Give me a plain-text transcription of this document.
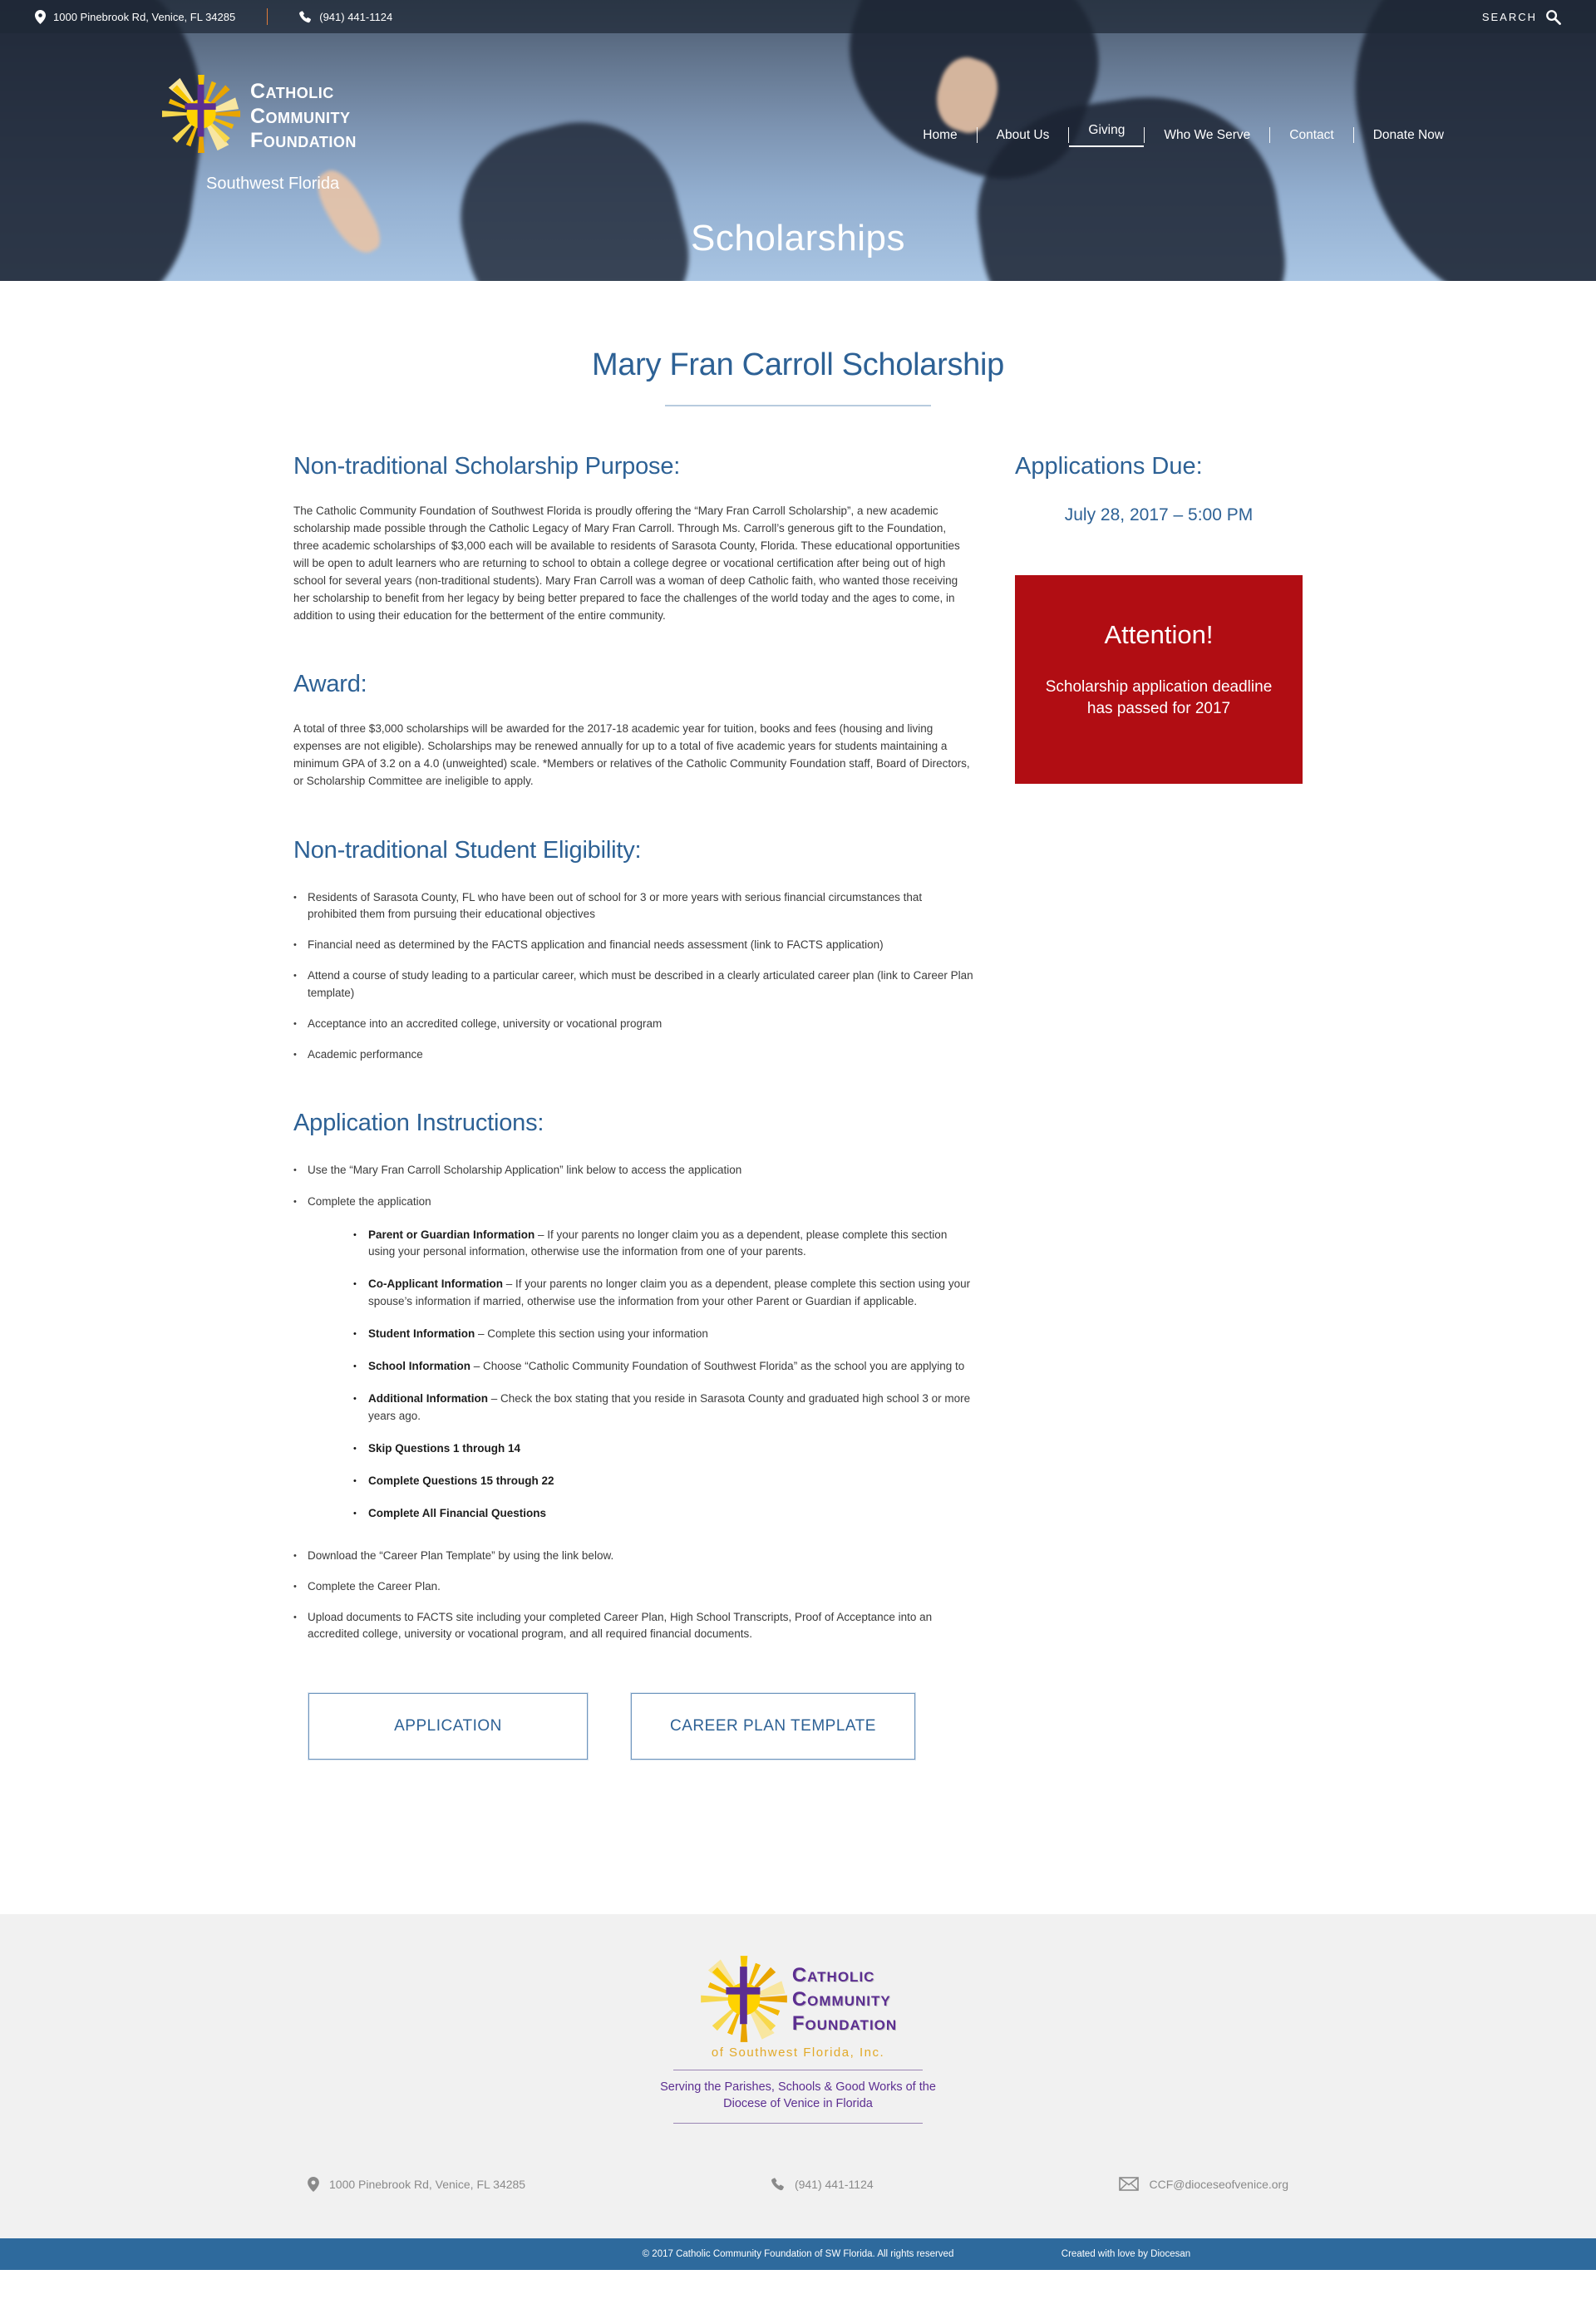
1000 Pinebrook Rd, Venice, FL 34285	(941) 441-1124	SEARCH
Catholic
Community
Foundation
Southwest Florida
Home	About Us	Giving	Who We Serve	Contact	Donate Now
Scholarships
Mary Fran Carroll Scholarship
Non-traditional Scholarship Purpose:

The Catholic Community Foundation of Southwest Florida is proudly offering the “Mary Fran Carroll Scholarship”, a new academic scholarship made possible through the Catholic Legacy of Mary Fran Carroll. Through Ms. Carroll’s generous gift to the Foundation, three academic scholarships of $3,000 each will be available to residents of Sarasota County, Florida. These educational opportunities will be open to adult learners who are returning to school to obtain a college degree or vocational certification after being out of high school for several years (non-traditional students). Mary Fran Carroll was a woman of deep Catholic faith, who wanted those receiving her scholarship to benefit from her legacy by being better prepared to face the challenges of the world today and the ages to come, in addition to using their education for the betterment of the entire community.

Award:

A total of three $3,000 scholarships will be awarded for the 2017-18 academic year for tuition, books and fees (housing and living expenses are not eligible). Scholarships may be renewed annually for up to a total of five academic years for students maintaining a minimum GPA of 3.2 on a 4.0 (unweighted) scale. *Members or relatives of the Catholic Community Foundation staff, Board of Directors, or Scholarship Committee are ineligible to apply.

Non-traditional Student Eligibility:
• Residents of Sarasota County, FL who have been out of school for 3 or more years with serious financial circumstances that prohibited them from pursuing their educational objectives
• Financial need as determined by the FACTS application and financial needs assessment (link to FACTS application)
• Attend a course of study leading to a particular career, which must be described in a clearly articulated career plan (link to Career Plan template)
• Acceptance into an accredited college, university or vocational program
• Academic performance
Application Instructions:
• Use the “Mary Fran Carroll Scholarship Application” link below to access the application
• Complete the application
• Parent or Guardian Information – If your parents no longer claim you as a dependent, please complete this section using your personal information, otherwise use the information from one of your parents.
• Co-Applicant Information – If your parents no longer claim you as a dependent, please complete this section using your spouse’s information if married, otherwise use the information from your other Parent or Guardian if applicable.
• Student Information – Complete this section using your information
• School Information – Choose “Catholic Community Foundation of Southwest Florida” as the school you are applying to
• Additional Information – Check the box stating that you reside in Sarasota County and graduated high school 3 or more years ago.
• Skip Questions 1 through 14
• Complete Questions 15 through 22
• Complete All Financial Questions
• Download the “Career Plan Template” by using the link below.
• Complete the Career Plan.
• Upload documents to FACTS site including your completed Career Plan, High School Transcripts, Proof of Acceptance into an accredited college, university or vocational program, and all required financial documents.
APPLICATION	CAREER PLAN TEMPLATE
Applications Due:
July 28, 2017 – 5:00 PM
Attention!
Scholarship application deadline has passed for 2017
Catholic
Community
Foundation
of Southwest Florida, Inc.
Serving the Parishes, Schools & Good Works of the Diocese of Venice in Florida
1000 Pinebrook Rd, Venice, FL 34285	(941) 441-1124	CCF@dioceseofvenice.org
© 2017 Catholic Community Foundation of SW Florida. All rights reserved	Created with love by Diocesan
